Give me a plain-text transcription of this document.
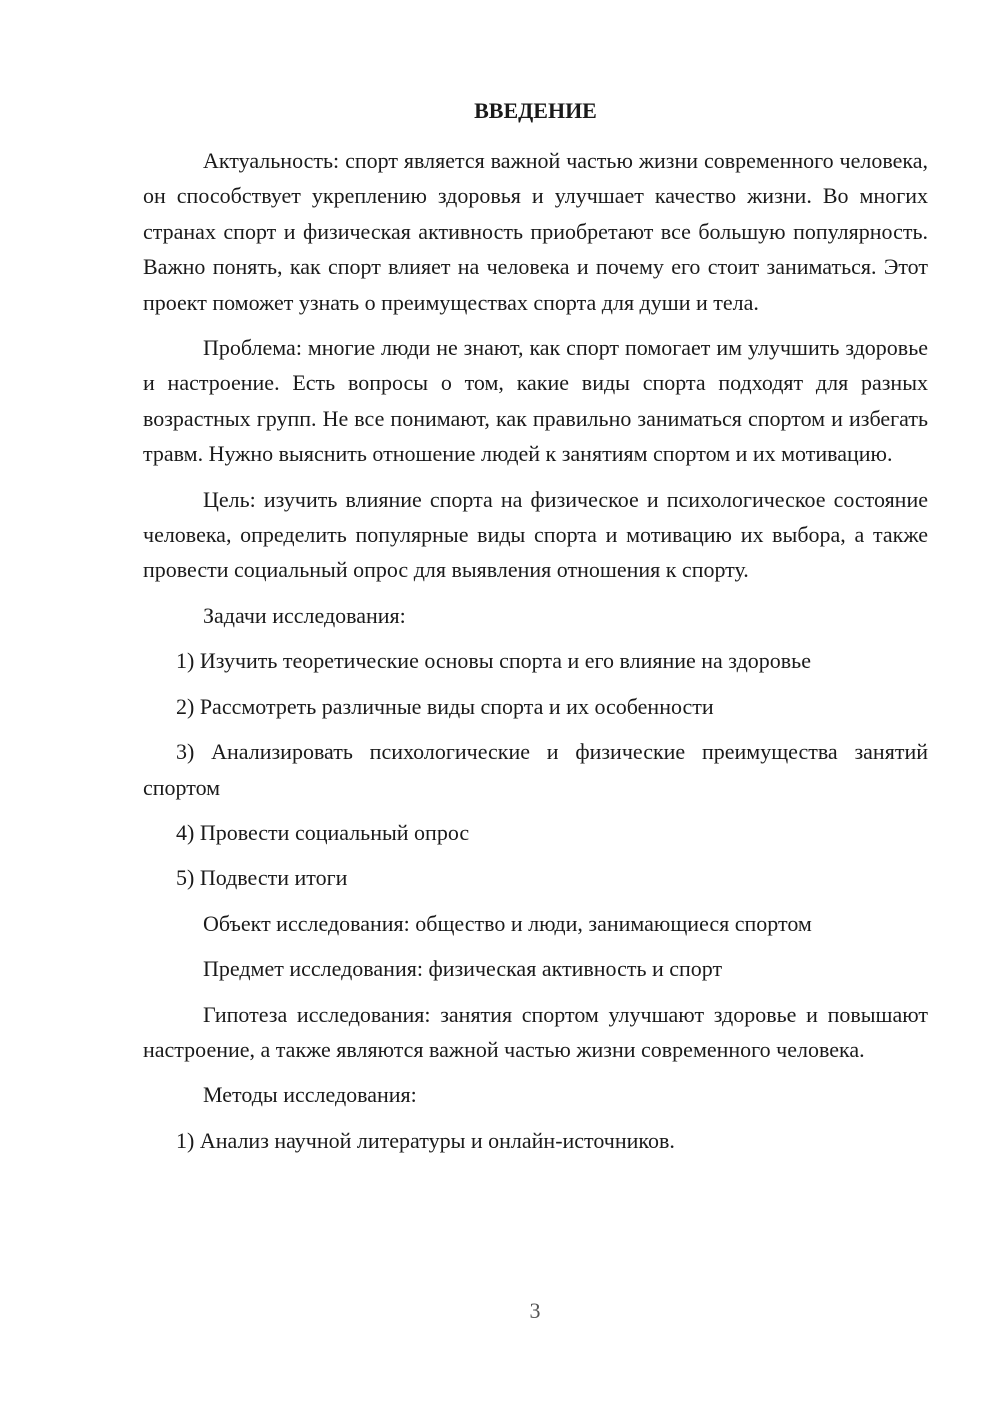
ВВЕДЕНИЕ

Актуальность: спорт является важной частью жизни современного человека, он способствует укреплению здоровья и улучшает качество жизни. Во многих странах спорт и физическая активность приобретают все большую популярность. Важно понять, как спорт влияет на человека и почему его стоит заниматься. Этот проект поможет узнать о преимуществах спорта для души и тела.

Проблема: многие люди не знают, как спорт помогает им улучшить здоровье и настроение. Есть вопросы о том, какие виды спорта подходят для разных возрастных групп. Не все понимают, как правильно заниматься спортом и избегать травм. Нужно выяснить отношение людей к занятиям спортом и их мотивацию.

Цель: изучить влияние спорта на физическое и психологическое состояние человека, определить популярные виды спорта и мотивацию их выбора, а также провести социальный опрос для выявления отношения к спорту.

Задачи исследования:

1) Изучить теоретические основы спорта и его влияние на здоровье

2) Рассмотреть различные виды спорта и их особенности

3) Анализировать психологические и физические преимущества занятий спортом

4) Провести социальный опрос

5) Подвести итоги

Объект исследования: общество и люди, занимающиеся спортом

Предмет исследования: физическая активность и спорт

Гипотеза исследования: занятия спортом улучшают здоровье и повышают настроение, а также являются важной частью жизни современного человека.

Методы исследования:

1) Анализ научной литературы и онлайн-источников.

3
